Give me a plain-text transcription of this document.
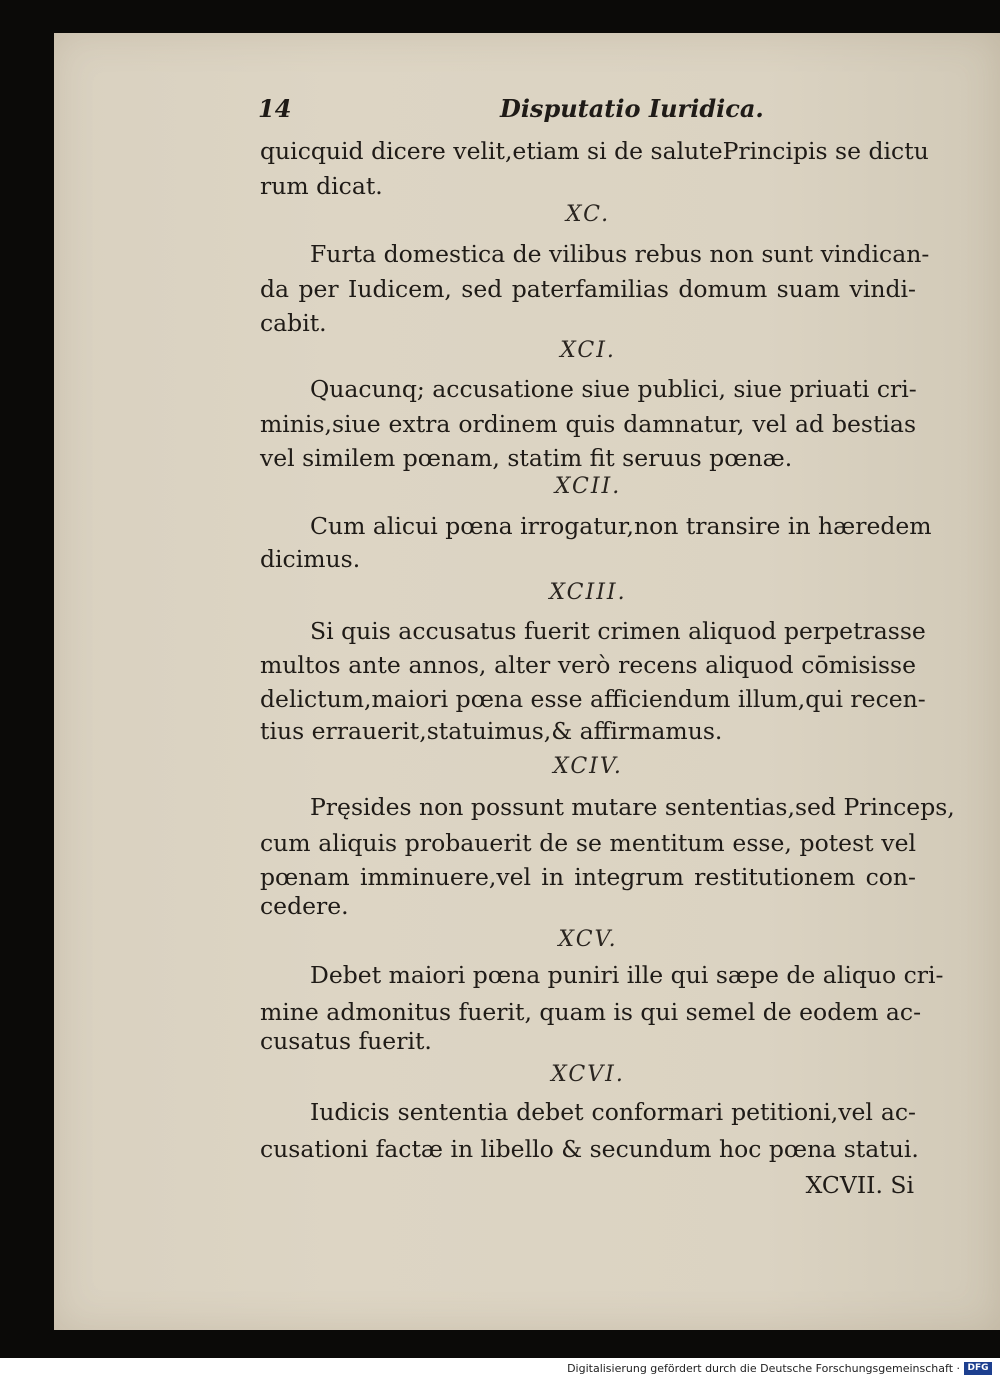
14	Disputatio Iuridica.
quicquid dicere velit,etiam si de salutePrincipis se dictu
rum dicat.
XC.
Furta domestica de vilibus rebus non sunt vindican-
da per Iudicem, sed paterfamilias domum suam vindi-
cabit.
XCI.
Quacunq; accusatione siue publici, siue priuati cri-
minis,siue extra ordinem quis damnatur, vel ad bestias
vel similem pœnam, statim fit seruus pœnæ.
XCII.
Cum alicui pœna irrogatur,non transire in hæredem
dicimus.
XCIII.
Si quis accusatus fuerit crimen aliquod perpetrasse
multos ante annos, alter verò recens aliquod cōmisisse
delictum,maiori pœna esse afficiendum illum,qui recen-
tius errauerit,statuimus,& affirmamus.
XCIV.
Pręsides non possunt mutare sententias,sed Princeps,
cum aliquis probauerit de se mentitum esse, potest vel
pœnam imminuere,vel in integrum restitutionem con-
cedere.
XCV.
Debet maiori pœna puniri ille qui sæpe de aliquo cri-
mine admonitus fuerit, quam is qui semel de eodem ac-
cusatus fuerit.
XCVI.
Iudicis sententia debet conformari petitioni,vel ac-
cusationi factæ in libello & secundum hoc pœna statui.
XCVII. Si
Digitalisierung gefördert durch die Deutsche Forschungsgemeinschaft · DFG
